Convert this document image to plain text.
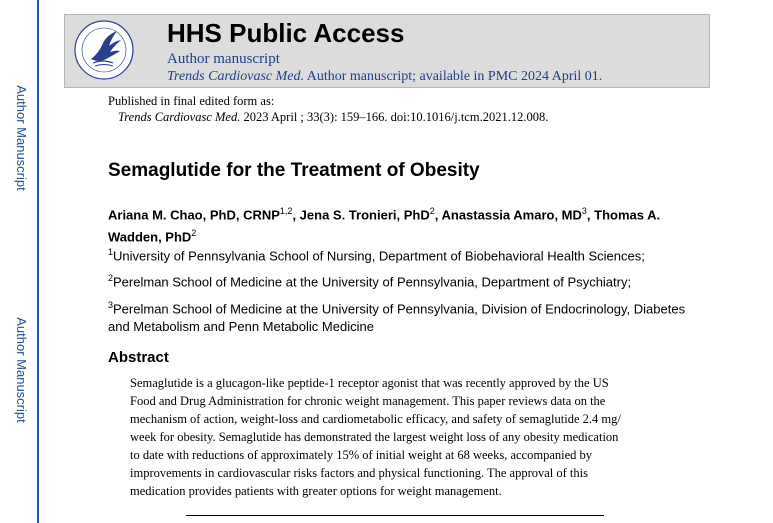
Author Manuscript
Author Manuscript
HHS Public Access
Author manuscript
Trends Cardiovasc Med. Author manuscript; available in PMC 2024 April 01.
Published in final edited form as:
Trends Cardiovasc Med. 2023 April ; 33(3): 159–166. doi:10.1016/j.tcm.2021.12.008.
Semaglutide for the Treatment of Obesity
Ariana M. Chao, PhD, CRNP$^{1,2}$, Jena S. Tronieri, PhD$^2$, Anastassia Amaro, $MD^3$, Thomas A. Wadden, PhD$^2$
$^1$University of Pennsylvania School of Nursing, Department of Biobehavioral Health Sciences;
$^2$Perelman School of Medicine at the University of Pennsylvania, Department of Psychiatry;
$^3$Perelman School of Medicine at the University of Pennsylvania, Division of Endocrinology, Diabetes and Metabolism and Penn Metabolic Medicine
Abstract
Semaglutide is a glucagon-like peptide-1 receptor agonist that was recently approved by the US
Food and Drug Administration for chronic weight management. This paper reviews data on the
mechanism of action, weight-loss and cardiometabolic efficacy, and safety of semaglutide 2.4 mg/
week for obesity. Semaglutide has demonstrated the largest weight loss of any obesity medication
to date with reductions of approximately 15% of initial weight at 68 weeks, accompanied by
improvements in cardiovascular risks factors and physical functioning. The approval of this
medication provides patients with greater options for weight management.
